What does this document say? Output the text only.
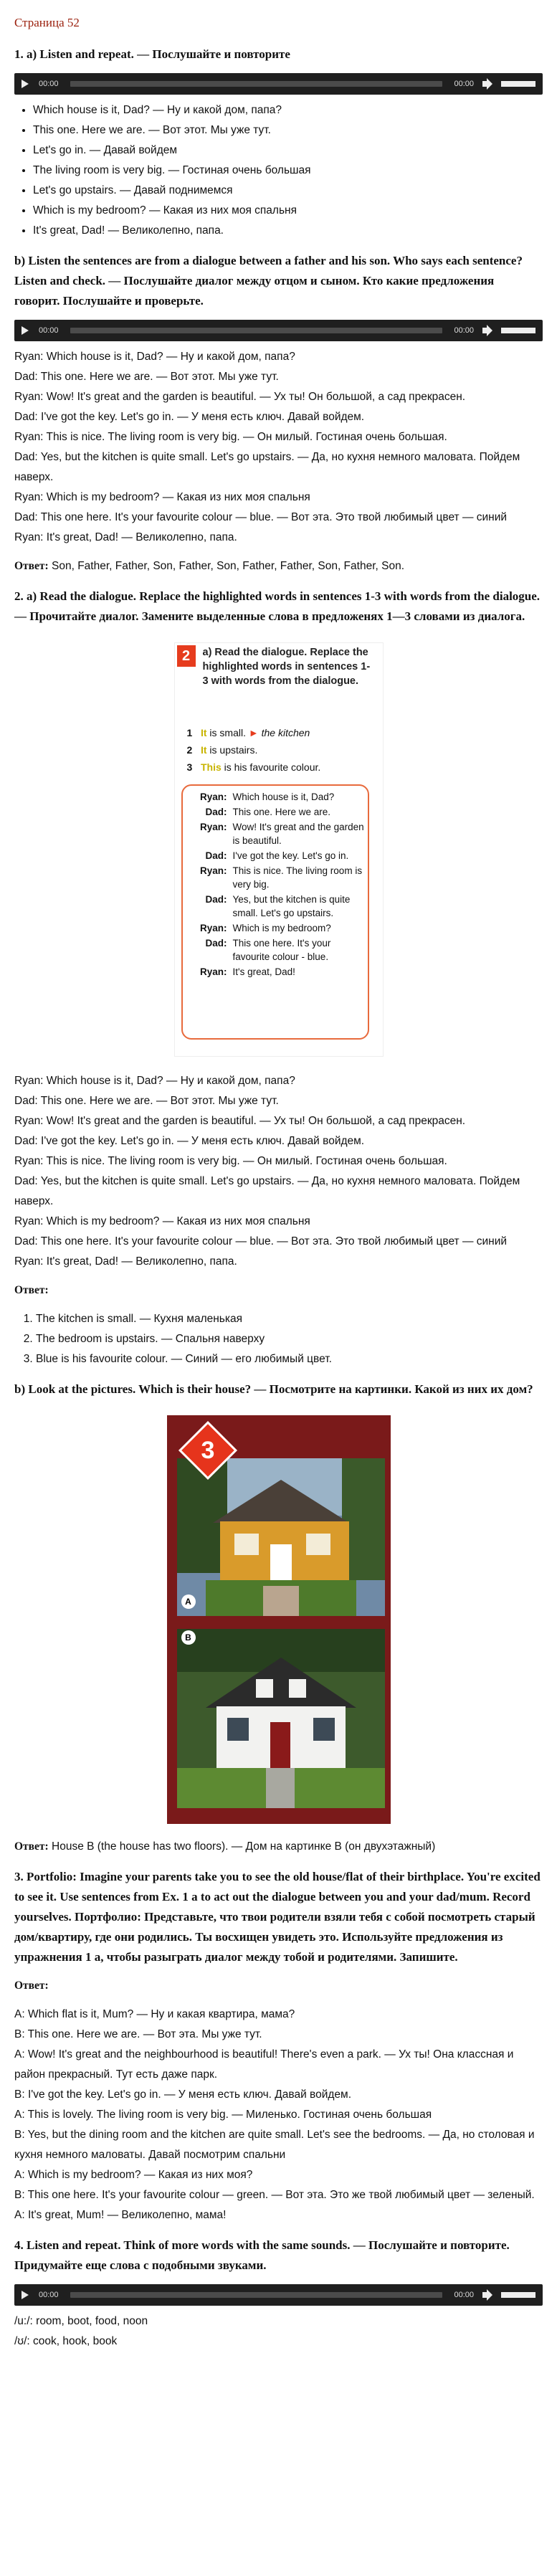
Страница 52
1. a) Listen and repeat. — Послушайте и повторите
00:00	00:00
• Which house is it, Dad? — Ну и какой дом, папа?
• This one. Here we are. — Вот этот. Мы уже тут.
• Let's go in. — Давай войдем
• The living room is very big. — Гостиная очень большая
• Let's go upstairs. — Давай поднимемся
• Which is my bedroom? — Какая из них моя спальня
• It's great, Dad! — Великолепно, папа.
b) Listen the sentences are from a dialogue between a father and his son. Who says each sentence? Listen and check. — Послушайте диалог между отцом и сыном. Кто какие предложения говорит. Послушайте и проверьте.
00:00	00:00
Ryan: Which house is it, Dad? — Ну и какой дом, папа?
Dad: This one. Here we are. — Вот этот. Мы уже тут.
Ryan: Wow! It's great and the garden is beautiful. — Ух ты! Он большой, а сад прекрасен.
Dad: I've got the key. Let's go in. — У меня есть ключ. Давай войдем.
Ryan: This is nice. The living room is very big. — Он милый. Гостиная очень большая.
Dad: Yes, but the kitchen is quite small. Let's go upstairs. — Да, но кухня немного маловата. Пойдем наверх.
Ryan: Which is my bedroom? — Какая из них моя спальня
Dad: This one here. It's your favourite colour — blue. — Вот эта. Это твой любимый цвет — синий
Ryan: It's great, Dad! — Великолепно, папа.
Ответ: Son, Father, Father, Son, Father, Son, Father, Father, Son, Father, Son.
2. a) Read the dialogue. Replace the highlighted words in sentences 1-3 with words from the dialogue. — Прочитайте диалог. Замените выделенные слова в предложенях 1—3 словами из диалога.
2	a) Read the dialogue. Replace the highlighted words in sentences 1-3 with words from the dialogue.
1 It is small. ► the kitchen
2 It is upstairs.
3 This is his favourite colour.
Ryan: Which house is it, Dad?
Dad: This one. Here we are.
Ryan: Wow! It's great and the garden is beautiful.
Dad: I've got the key. Let's go in.
Ryan: This is nice. The living room is very big.
Dad: Yes, but the kitchen is quite small. Let's go upstairs.
Ryan: Which is my bedroom?
Dad: This one here. It's your favourite colour - blue.
Ryan: It's great, Dad!
Ryan: Which house is it, Dad? — Ну и какой дом, папа?
Dad: This one. Here we are. — Вот этот. Мы уже тут.
Ryan: Wow! It's great and the garden is beautiful. — Ух ты! Он большой, а сад прекрасен.
Dad: I've got the key. Let's go in. — У меня есть ключ. Давай войдем.
Ryan: This is nice. The living room is very big. — Он милый. Гостиная очень большая.
Dad: Yes, but the kitchen is quite small. Let's go upstairs. — Да, но кухня немного маловата. Пойдем наверх.
Ryan: Which is my bedroom? — Какая из них моя спальня
Dad: This one here. It's your favourite colour — blue. — Вот эта. Это твой любимый цвет — синий
Ryan: It's great, Dad! — Великолепно, папа.
Ответ:
1. The kitchen is small. — Кухня маленькая
2. The bedroom is upstairs. — Спальня наверху
3. Blue is his favourite colour. — Синий — его любимый цвет.
b) Look at the pictures. Which is their house? — Посмотрите на картинки. Какой из них их дом?
A
B
3
Ответ: House B (the house has two floors). — Дом на картинке B (он двухэтажный)
3. Portfolio: Imagine your parents take you to see the old house/flat of their birthplace. You're excited to see it. Use sentences from Ex. 1 a to act out the dialogue between you and your dad/mum. Record yourselves. Портфолио: Представьте, что твои родители взяли тебя с собой посмотреть старый дом/квартиру, где они родились. Ты восхищен увидеть это. Используйте предложения из упражнения 1 а, чтобы разыграть диалог между тобой и родителями. Запишите.
Ответ:
A: Which flat is it, Mum? — Ну и какая квартира, мама?
B: This one. Here we are. — Вот эта. Мы уже тут.
A: Wow! It's great and the neighbourhood is beautiful! There's even a park. — Ух ты! Она классная и район прекрасный. Тут есть даже парк.
B: I've got the key. Let's go in. — У меня есть ключ. Давай войдем.
A: This is lovely. The living room is very big. — Миленько. Гостиная очень большая
B: Yes, but the dining room and the kitchen are quite small. Let's see the bedrooms. — Да, но столовая и кухня немного маловаты. Давай посмотрим спальни
A: Which is my bedroom? — Какая из них моя?
B: This one here. It's your favourite colour — green. — Вот эта. Это же твой любимый цвет — зеленый.
A: It's great, Mum! — Великолепно, мама!
4. Listen and repeat. Think of more words with the same sounds. — Послушайте и повторите. Придумайте еще слова с подобными звуками.
00:00	00:00
/u:/: room, boot, food, noon
/ʊ/: cook, hook, book
